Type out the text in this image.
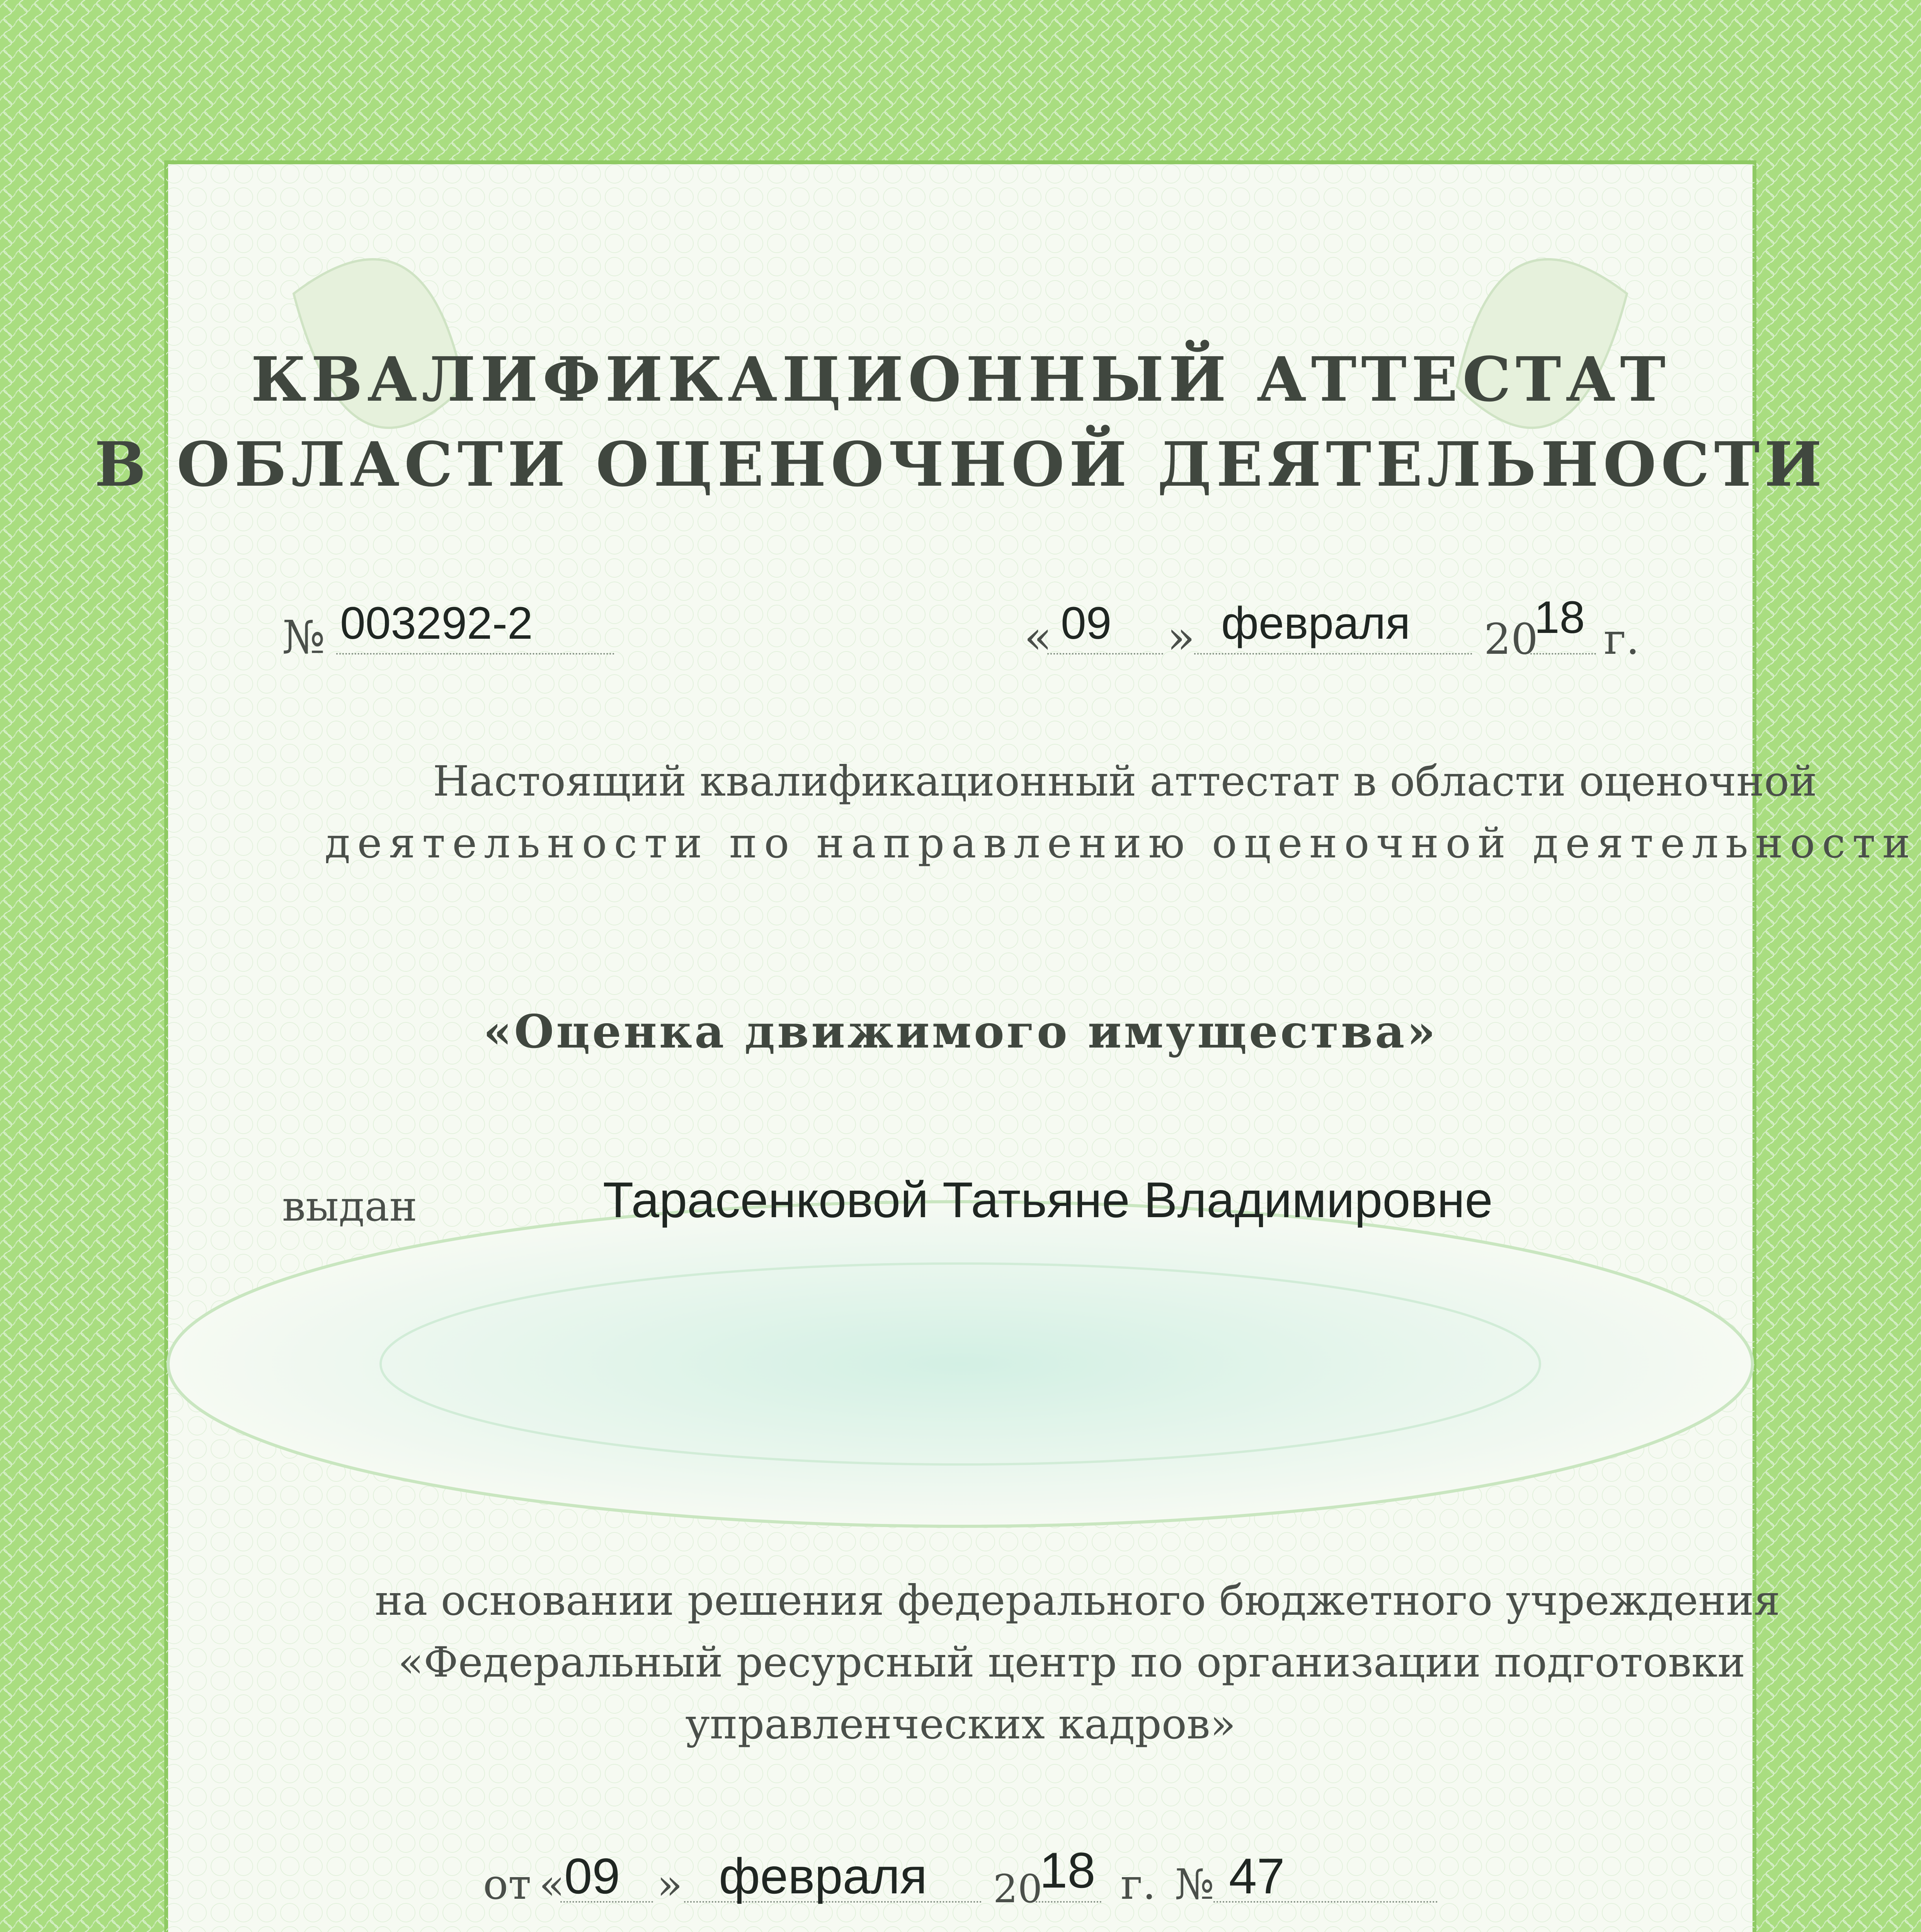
КВАЛИФИКАЦИОННЫЙ АТТЕСТАТ
В ОБЛАСТИ ОЦЕНОЧНОЙ ДЕЯТЕЛЬНОСТИ
№ 003292-2	« 09 » февраля 20
18 г.
Настоящий квалификационный аттестат в области оценочной
деятельности по направлению оценочной деятельности
«Оценка движимого имущества»
выдан	Тарасенковой Татьяне Владимировне
на основании решения федерального бюджетного учреждения
«Федеральный ресурсный центр по организации подготовки
управленческих кадров»
от «
09 » февраля 20
18 г. № 47
